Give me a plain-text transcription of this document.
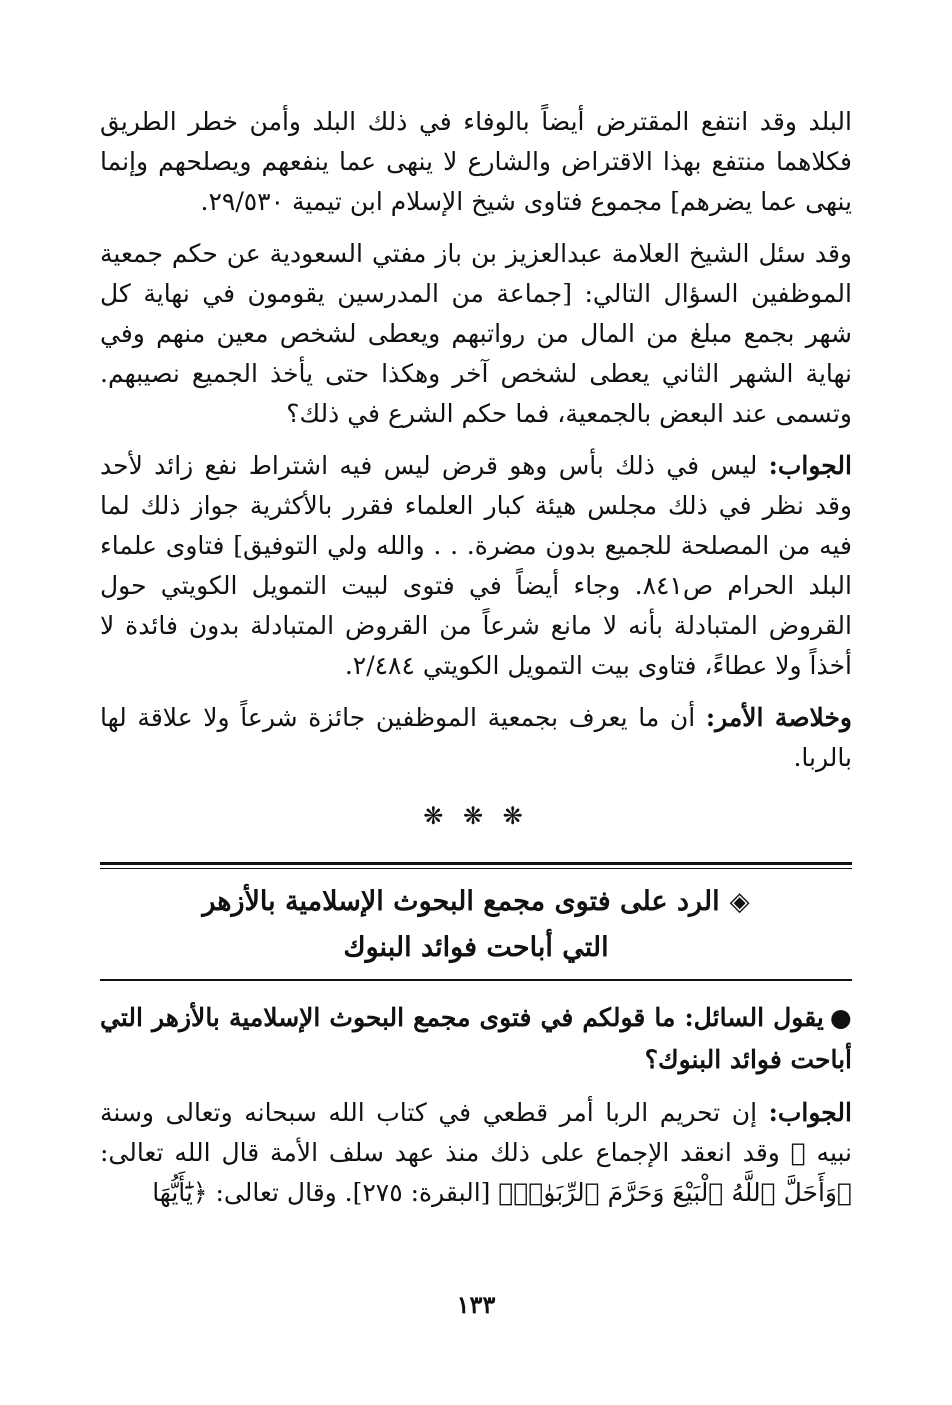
البلد وقد انتفع المقترض أيضاً بالوفاء في ذلك البلد وأمن خطر الطريق فكلاهما منتفع بهذا الاقتراض والشارع لا ينهى عما ينفعهم ويصلحهم وإنما ينهى عما يضرهم] مجموع فتاوى شيخ الإسلام ابن تيمية ٢٩/٥٣٠.

وقد سئل الشيخ العلامة عبدالعزيز بن باز مفتي السعودية عن حكم جمعية الموظفين السؤال التالي: [جماعة من المدرسين يقومون في نهاية كل شهر بجمع مبلغ من المال من رواتبهم ويعطى لشخص معين منهم وفي نهاية الشهر الثاني يعطى لشخص آخر وهكذا حتى يأخذ الجميع نصيبهم. وتسمى عند البعض بالجمعية، فما حكم الشرع في ذلك؟

الجواب: ليس في ذلك بأس وهو قرض ليس فيه اشتراط نفع زائد لأحد وقد نظر في ذلك مجلس هيئة كبار العلماء فقرر بالأكثرية جواز ذلك لما فيه من المصلحة للجميع بدون مضرة. . . والله ولي التوفيق] فتاوى علماء البلد الحرام ص٨٤١. وجاء أيضاً في فتوى لبيت التمويل الكويتي حول القروض المتبادلة بأنه لا مانع شرعاً من القروض المتبادلة بدون فائدة لا أخذاً ولا عطاءً، فتاوى بيت التمويل الكويتي ٢/٤٨٤.

وخلاصة الأمر: أن ما يعرف بجمعية الموظفين جائزة شرعاً ولا علاقة لها بالربا.

❋ ❋ ❋
◈الرد على فتوى مجمع البحوث الإسلامية بالأزهر
التي أباحت فوائد البنوك

●يقول السائل: ما قولكم في فتوى مجمع البحوث الإسلامية بالأزهر التي أباحت فوائد البنوك؟

الجواب: إن تحريم الربا أمر قطعي في كتاب الله سبحانه وتعالى وسنة نبيه ﷺ وقد انعقد الإجماع على ذلك منذ عهد سلف الأمة قال الله تعالى: ﴿وَأَحَلَّ ٱللَّهُ ٱلْبَيْعَ وَحَرَّمَ ٱلرِّبَوٰا۟﴾ [البقرة: ٢٧٥]. وقال تعالى: ﴿يَٰٓأَيُّهَا

١٣٣
